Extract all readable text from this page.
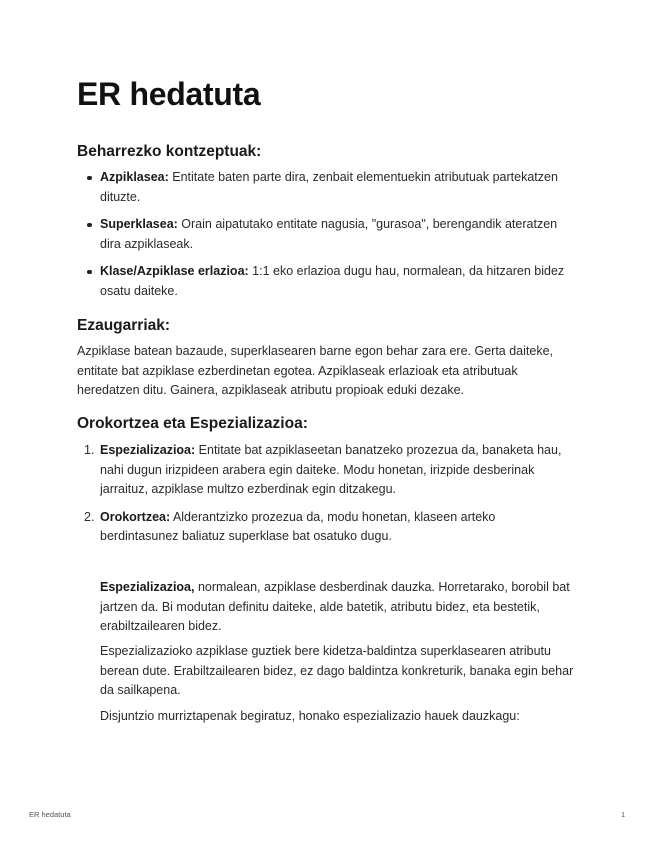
ER hedatuta
Beharrezko kontzeptuak:
Azpiklasea: Entitate baten parte dira, zenbait elementuekin atributuak partekatzen dituzte.
Superklasea: Orain aipatutako entitate nagusia, "gurasoa", berengandik ateratzen dira azpiklaseak.
Klase/Azpiklase erlazioa: 1:1 eko erlazioa dugu hau, normalean, da hitzaren bidez osatu daiteke.
Ezaugarriak:

Azpiklase batean bazaude, superklasearen barne egon behar zara ere. Gerta daiteke, entitate bat azpiklase ezberdinetan egotea. Azpiklaseak erlazioak eta atributuak heredatzen ditu. Gainera, azpiklaseak atributu propioak eduki dezake.

Orokortzea eta Espezializazioa:
1. Espezializazioa: Entitate bat azpiklaseetan banatzeko prozezua da, banaketa hau, nahi dugun irizpideen arabera egin daiteke. Modu honetan, irizpide desberinak jarraituz, azpiklase multzo ezberdinak egin ditzakegu.
2. Orokortzea: Alderantzizko prozezua da, modu honetan, klaseen arteko berdintasunez baliatuz superklase bat osatuko dugu.

Espezializazioa, normalean, azpiklase desberdinak dauzka. Horretarako, borobil bat jartzen da. Bi modutan definitu daiteke, alde batetik, atributu bidez, eta bestetik, erabiltzailearen bidez.

Espezializazioko azpiklase guztiek bere kidetza-baldintza superklasearen atributu berean dute. Erabiltzailearen bidez, ez dago baldintza konkreturik, banaka egin behar da sailkapena.

Disjuntzio murriztapenak begiratuz, honako espezializazio hauek dauzkagu:

ER hedatuta	1
